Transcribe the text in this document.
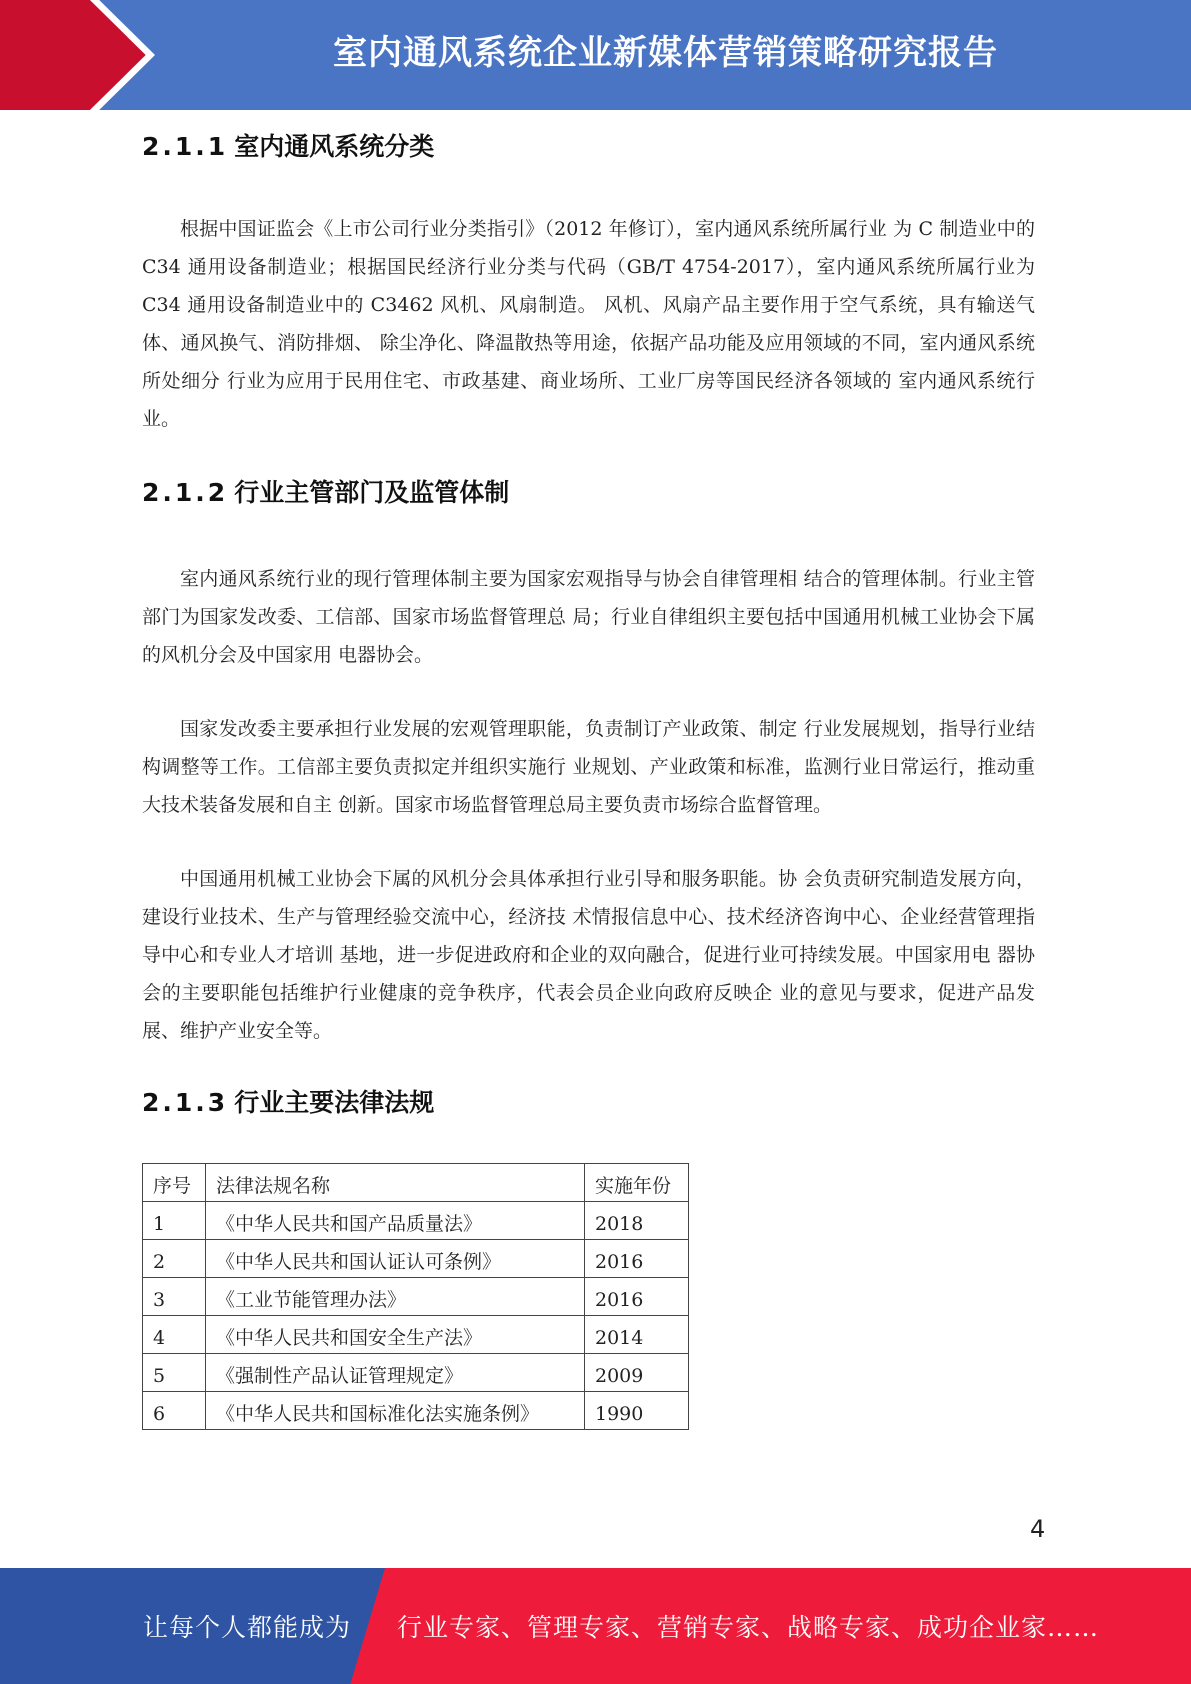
室内通风系统企业新媒体营销策略研究报告
2.1.1 室内通风系统分类

根据中国证监会《上市公司行业分类指引》（2012 年修订），室内通风系统所属行业 为 C 制造业中的 C34 通用设备制造业；根据国民经济行业分类与代码（GB/T 4754-2017），室内通风系统所属行业为 C34 通用设备制造业中的 C3462 风机、风扇制造。 风机、风扇产品主要作用于空气系统，具有输送气体、通风换气、消防排烟、 除尘净化、降温散热等用途，依据产品功能及应用领域的不同，室内通风系统所处细分 行业为应用于民用住宅、市政基建、商业场所、工业厂房等国民经济各领域的 室内通风系统行业。

2.1.2 行业主管部门及监管体制

室内通风系统行业的现行管理体制主要为国家宏观指导与协会自律管理相 结合的管理体制。行业主管部门为国家发改委、工信部、国家市场监督管理总 局；行业自律组织主要包括中国通用机械工业协会下属的风机分会及中国家用 电器协会。

国家发改委主要承担行业发展的宏观管理职能，负责制订产业政策、制定 行业发展规划，指导行业结构调整等工作。工信部主要负责拟定并组织实施行 业规划、产业政策和标准，监测行业日常运行，推动重大技术装备发展和自主 创新。国家市场监督管理总局主要负责市场综合监督管理。

中国通用机械工业协会下属的风机分会具体承担行业引导和服务职能。协 会负责研究制造发展方向，建设行业技术、生产与管理经验交流中心，经济技 术情报信息中心、技术经济咨询中心、企业经营管理指导中心和专业人才培训 基地，进一步促进政府和企业的双向融合，促进行业可持续发展。中国家用电 器协会的主要职能包括维护行业健康的竞争秩序，代表会员企业向政府反映企 业的意见与要求，促进产品发展、维护产业安全等。

2.1.3 行业主要法律法规
序号	法律法规名称	实施年份
1	《中华人民共和国产品质量法》	2018
2	《中华人民共和国认证认可条例》	2016
3	《工业节能管理办法》	2016
4	《中华人民共和国安全生产法》	2014
5	《强制性产品认证管理规定》	2009
6	《中华人民共和国标准化法实施条例》	1990
4
让每个人都能成为 行业专家、管理专家、营销专家、战略专家、成功企业家……
